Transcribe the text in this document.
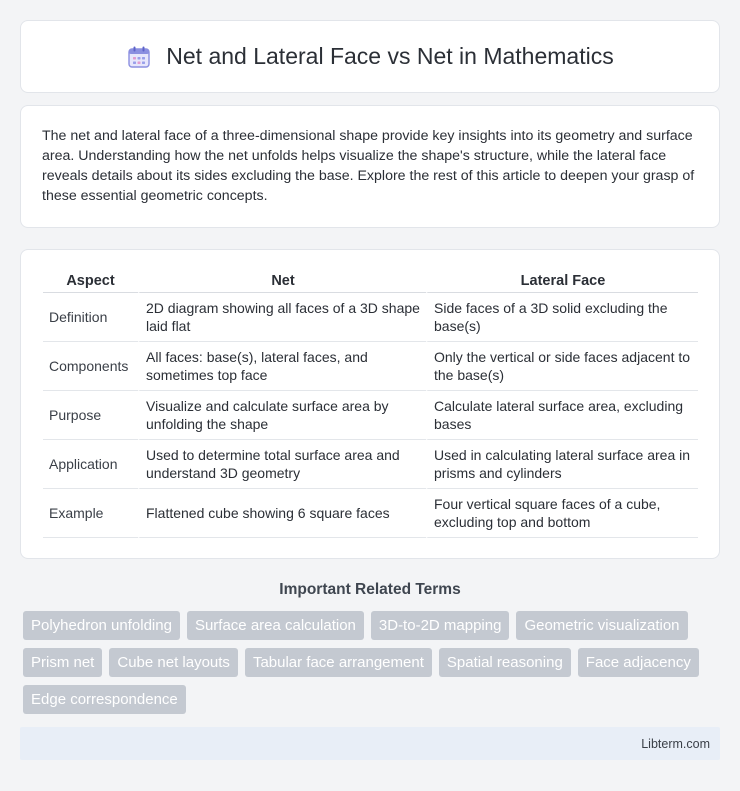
Net and Lateral Face vs Net in Mathematics

The net and lateral face of a three-dimensional shape provide key insights into its geometry and surface area. Understanding how the net unfolds helps visualize the shape's structure, while the lateral face reveals details about its sides excluding the base. Explore the rest of this article to deepen your grasp of these essential geometric concepts.

Aspect	Net	Lateral Face
Definition	2D diagram showing all faces of a 3D shape laid flat	Side faces of a 3D solid excluding the base(s)
Components	All faces: base(s), lateral faces, and sometimes top face	Only the vertical or side faces adjacent to the base(s)
Purpose	Visualize and calculate surface area by unfolding the shape	Calculate lateral surface area, excluding bases
Application	Used to determine total surface area and understand 3D geometry	Used in calculating lateral surface area in prisms and cylinders
Example	Flattened cube showing 6 square faces	Four vertical square faces of a cube, excluding top and bottom
Important Related Terms
Polyhedron unfolding	Surface area calculation	3D-to-2D mapping	Geometric visualization
Prism net	Cube net layouts	Tabular face arrangement	Spatial reasoning	Face adjacency
Edge correspondence
Libterm.com
